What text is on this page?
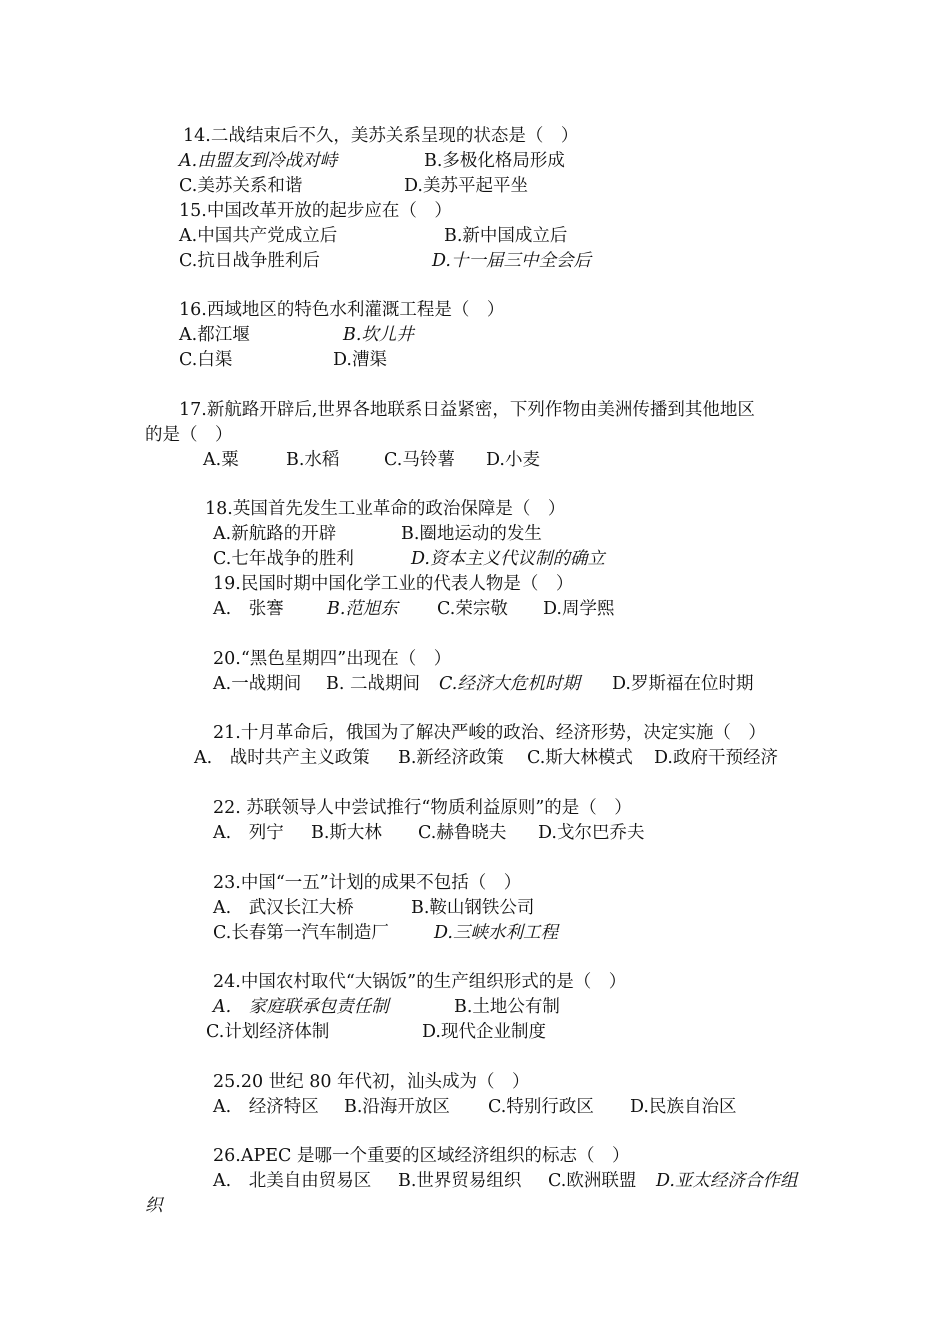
14.二战结束后不久，美苏关系呈现的状态是（　）
A.由盟友到冷战对峙	B.多极化格局形成
C.美苏关系和谐	D.美苏平起平坐
15.中国改革开放的起步应在（　）
A.中国共产党成立后	B.新中国成立后
C.抗日战争胜利后	D.十一届三中全会后
16.西域地区的特色水利灌溉工程是（　）
A.都江堰	B.坎儿井
C.白渠	D.漕渠
17.新航路开辟后,世界各地联系日益紧密，下列作物由美洲传播到其他地区
的是（　）
A.粟	B.水稻	C.马铃薯 D.小麦
18.英国首先发生工业革命的政治保障是（　）
A.新航路的开辟	B.圈地运动的发生
C.七年战争的胜利	D.资本主义代议制的确立
19.民国时期中国化学工业的代表人物是（　）
A.　张謇 B.范旭东 C.荣宗敬 D.周学熙
20.“黑色星期四”出现在（　）
A.一战期间 B. 二战期间 C.经济大危机时期 D.罗斯福在位时期
21.十月革命后，俄国为了解决严峻的政治、经济形势，决定实施（　）
A.　战时共产主义政策 B.新经济政策 C.斯大林模式 D.政府干预经济
22. 苏联领导人中尝试推行“物质利益原则”的是（　）
A.　列宁 B.斯大林 C.赫鲁晓夫 D.戈尔巴乔夫
23.中国“一五”计划的成果不包括（　）
A.　武汉长江大桥	B.鞍山钢铁公司
C.长春第一汽车制造厂	D.三峡水利工程
24.中国农村取代“大锅饭”的生产组织形式的是（　）
A.　家庭联承包责任制	B.土地公有制
C.计划经济体制	D.现代企业制度
25.20 世纪 80 年代初，汕头成为（　）
A.　经济特区 B.沿海开放区 C.特别行政区 D.民族自治区
26.APEC 是哪一个重要的区域经济组织的标志（　）
A.　北美自由贸易区 B.世界贸易组织 C.欧洲联盟 D.亚太经济合作组
织
